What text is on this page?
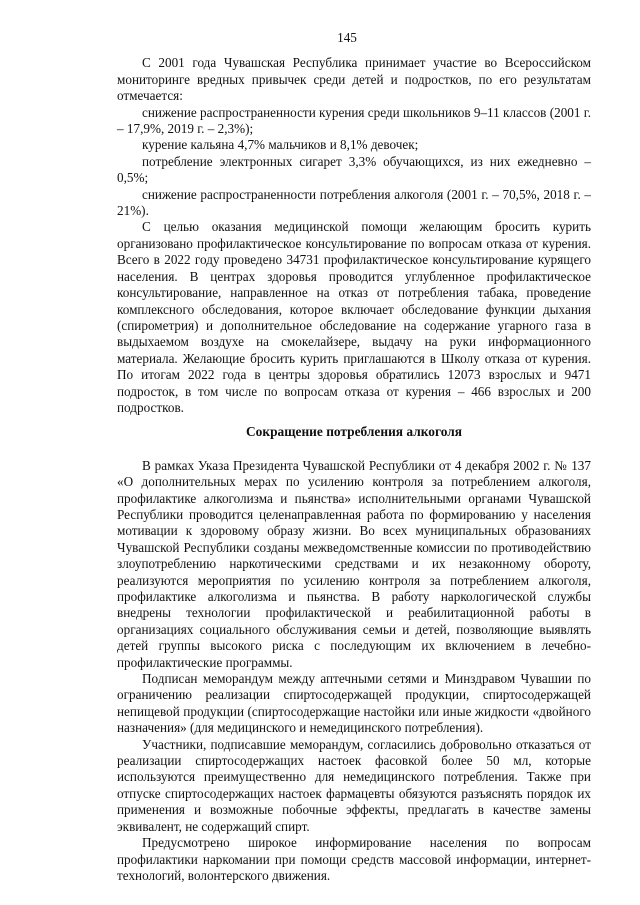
145

С 2001 года Чувашская Республика принимает участие во Всероссийском мониторинге вредных привычек среди детей и подростков, по его результатам отмечается:

снижение распространенности курения среди школьников 9–11 классов (2001 г. – 17,9%, 2019 г. – 2,3%);

курение кальяна 4,7% мальчиков и 8,1% девочек;

потребление электронных сигарет 3,3% обучающихся, из них ежедневно – 0,5%;

снижение распространенности потребления алкоголя (2001 г. – 70,5%, 2018 г. – 21%).

С целью оказания медицинской помощи желающим бросить курить организовано профилактическое консультирование по вопросам отказа от курения. Всего в 2022 году проведено 34731 профилактическое консультирование курящего населения. В центрах здоровья проводится углубленное профилактическое консультирование, направленное на отказ от потребления табака, проведение комплексного обследования, которое включает обследование функции дыхания (спирометрия) и дополнительное обследование на содержание угарного газа в выдыхаемом воздухе на смокелайзере, выдачу на руки информационного материала. Желающие бросить курить приглашаются в Школу отказа от курения. По итогам 2022 года в центры здоровья обратились 12073 взрослых и 9471 подросток, в том числе по вопросам отказа от курения – 466 взрослых и 200 подростков.

Сокращение потребления алкоголя

В рамках Указа Президента Чувашской Республики от 4 декабря 2002 г. № 137 «О дополнительных мерах по усилению контроля за потреблением алкоголя, профилактике алкоголизма и пьянства» исполнительными органами Чувашской Республики проводится целенаправленная работа по формированию у населения мотивации к здоровому образу жизни. Во всех муниципальных образованиях Чувашской Республики созданы межведомственные комиссии по противодействию злоупотреблению наркотическими средствами и их незаконному обороту, реализуются мероприятия по усилению контроля за потреблением алкоголя, профилактике алкоголизма и пьянства. В работу наркологической службы внедрены технологии профилактической и реабилитационной работы в организациях социального обслуживания семьи и детей, позволяющие выявлять детей группы высокого риска с последующим их включением в лечебно-профилактические программы.

Подписан меморандум между аптечными сетями и Минздравом Чувашии по ограничению реализации спиртосодержащей продукции, спиртосодержащей непищевой продукции (спиртосодержащие настойки или иные жидкости «двойного назначения» (для медицинского и немедицинского потребления).

Участники, подписавшие меморандум, согласились добровольно отказаться от реализации спиртосодержащих настоек фасовкой более 50 мл, которые используются преимущественно для немедицинского потребления. Также при отпуске спиртосодержащих настоек фармацевты обязуются разъяснять порядок их применения и возможные побочные эффекты, предлагать в качестве замены эквивалент, не содержащий спирт.

Предусмотрено широкое информирование населения по вопросам профилактики наркомании при помощи средств массовой информации, интернет-технологий, волонтерского движения.
